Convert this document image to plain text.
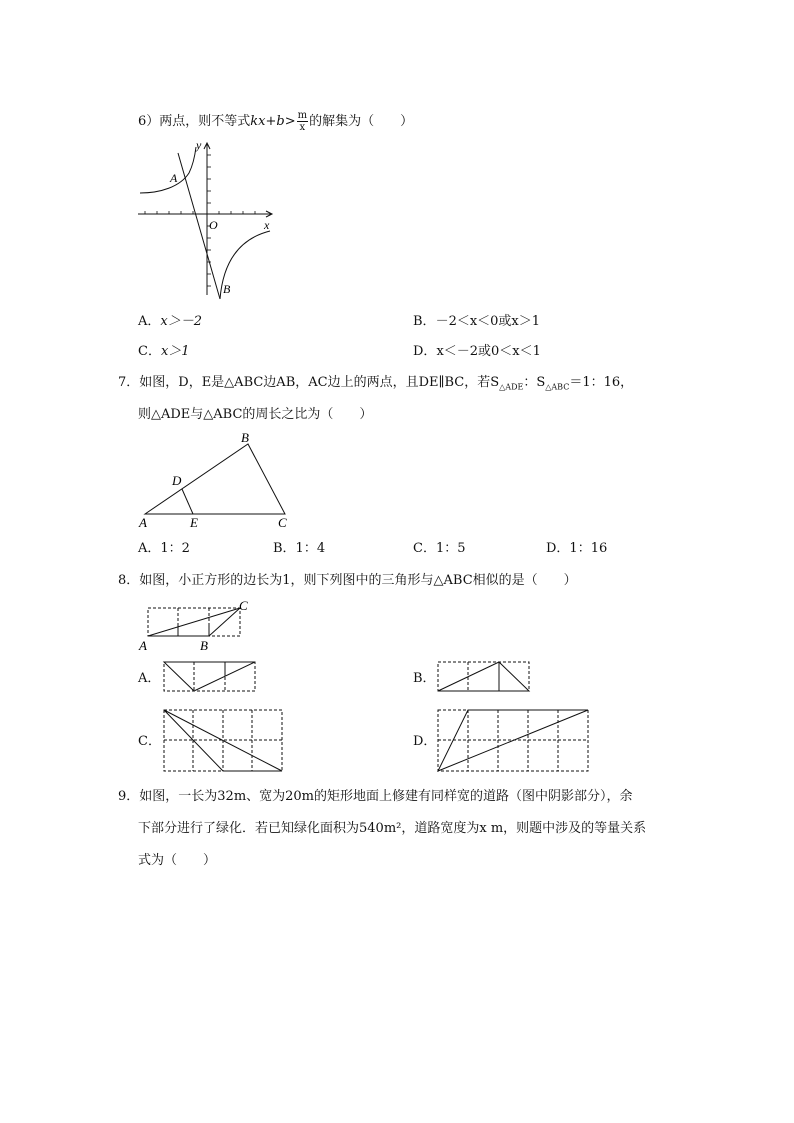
6）两点，则不等式$kx+b> \frac{m}{x}$ 的解集为（　　）
y
x
O
A
B
A．x＞－2	B．－2＜x＜0或x＞1
C．x＞1	D．x＜－2或0＜x＜1
7．如图，D，E是△ABC边AB，AC边上的两点，且DE∥BC，若$S_{\triangle ADE}$：$S_{\triangle ABC}=1$：16，
则△ADE与△ABC的周长之比为（　　）
B
D
A	E	C
A．1：2	B．1：4	C．1：5	D．1：16
8．如图，小正方形的边长为1，则下列图中的三角形与△ABC相似的是（　　）
C
A	B
A．	B．
C．	D．
9．如图，一长为32m、宽为20m的矩形地面上修建有同样宽的道路（图中阴影部分），余
下部分进行了绿化．若已知绿化面积为540m²，道路宽度为x m，则题中涉及的等量关系
式为（　　）
